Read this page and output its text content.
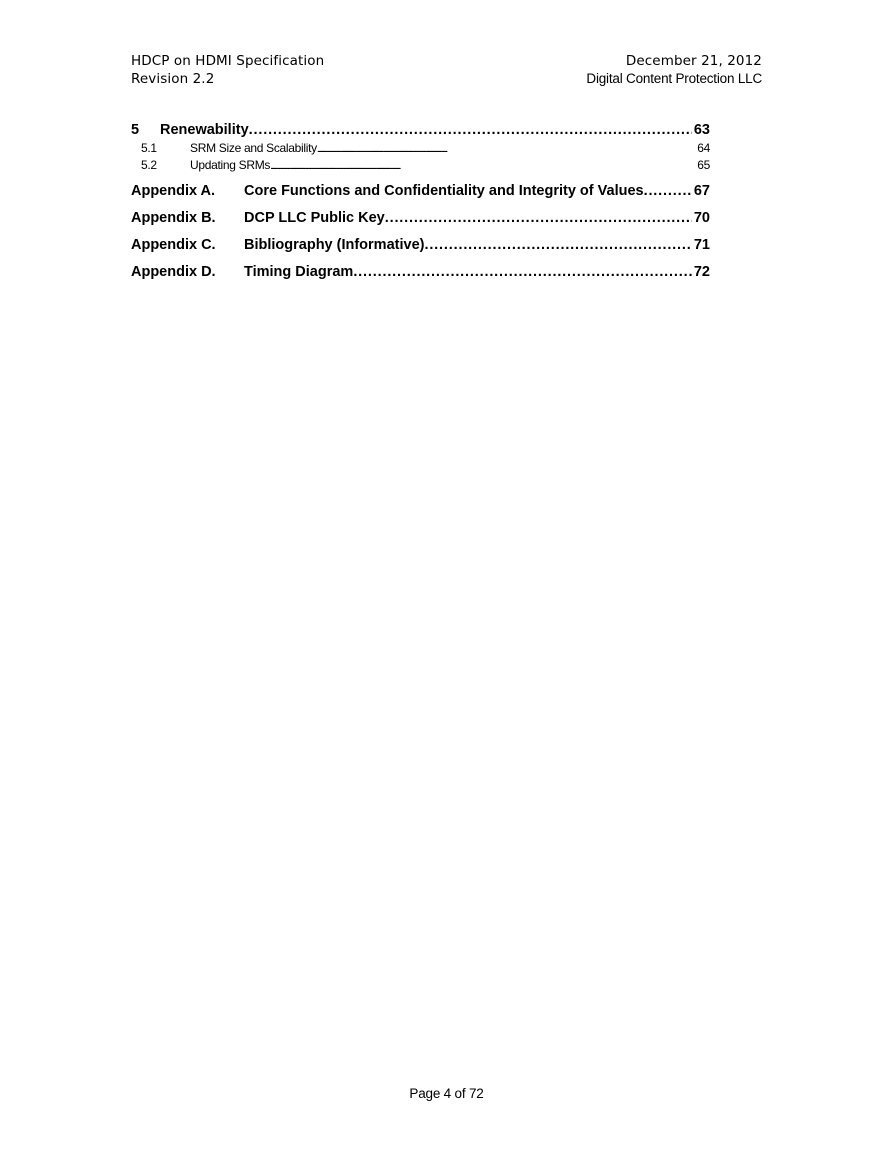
HDCP on HDMI Specification
Revision 2.2
December 21, 2012
Digital Content Protection LLC
5	Renewability . . .	63
5.1	SRM Size and Scalability . . .	64
5.2	Updating SRMs . . .	65
Appendix A.	Core Functions and Confidentiality and Integrity of Values . . .	67
Appendix B.	DCP LLC Public Key . . .	70
Appendix C.	Bibliography (Informative) . . .	71
Appendix D.	Timing Diagram . . .	72
Page 4 of 72
